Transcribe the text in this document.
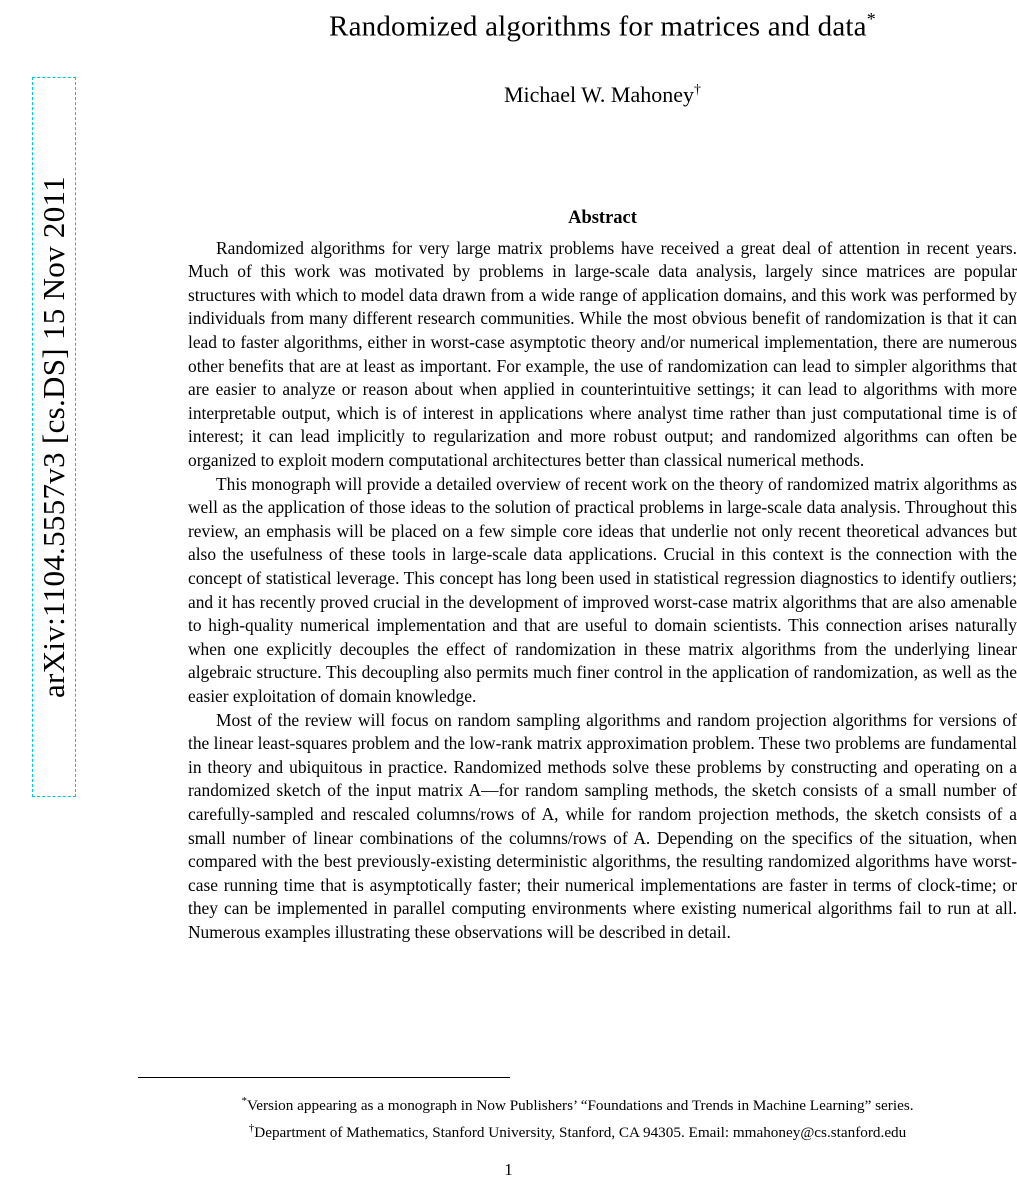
arXiv:1104.5557v3 [cs.DS] 15 Nov 2011
Randomized algorithms for matrices and data*
Michael W. Mahoney†
Abstract

Randomized algorithms for very large matrix problems have received a great deal of attention in recent years. Much of this work was motivated by problems in large-scale data analysis, largely since matrices are popular structures with which to model data drawn from a wide range of application domains, and this work was performed by individuals from many different research communities. While the most obvious benefit of randomization is that it can lead to faster algorithms, either in worst-case asymptotic theory and/or numerical implementation, there are numerous other benefits that are at least as important. For example, the use of randomization can lead to simpler algorithms that are easier to analyze or reason about when applied in counterintuitive settings; it can lead to algorithms with more interpretable output, which is of interest in applications where analyst time rather than just computational time is of interest; it can lead implicitly to regularization and more robust output; and randomized algorithms can often be organized to exploit modern computational architectures better than classical numerical methods.

This monograph will provide a detailed overview of recent work on the theory of randomized matrix algorithms as well as the application of those ideas to the solution of practical problems in large-scale data analysis. Throughout this review, an emphasis will be placed on a few simple core ideas that underlie not only recent theoretical advances but also the usefulness of these tools in large-scale data applications. Crucial in this context is the connection with the concept of statistical leverage. This concept has long been used in statistical regression diagnostics to identify outliers; and it has recently proved crucial in the development of improved worst-case matrix algorithms that are also amenable to high-quality numerical implementation and that are useful to domain scientists. This connection arises naturally when one explicitly decouples the effect of randomization in these matrix algorithms from the underlying linear algebraic structure. This decoupling also permits much finer control in the application of randomization, as well as the easier exploitation of domain knowledge.

Most of the review will focus on random sampling algorithms and random projection algorithms for versions of the linear least-squares problem and the low-rank matrix approximation problem. These two problems are fundamental in theory and ubiquitous in practice. Randomized methods solve these problems by constructing and operating on a randomized sketch of the input matrix A—for random sampling methods, the sketch consists of a small number of carefully-sampled and rescaled columns/rows of A, while for random projection methods, the sketch consists of a small number of linear combinations of the columns/rows of A. Depending on the specifics of the situation, when compared with the best previously-existing deterministic algorithms, the resulting randomized algorithms have worst-case running time that is asymptotically faster; their numerical implementations are faster in terms of clock-time; or they can be implemented in parallel computing environments where existing numerical algorithms fail to run at all. Numerous examples illustrating these observations will be described in detail.

*Version appearing as a monograph in Now Publishers’ “Foundations and Trends in Machine Learning” series.
†Department of Mathematics, Stanford University, Stanford, CA 94305. Email: mmahoney@cs.stanford.edu
1
